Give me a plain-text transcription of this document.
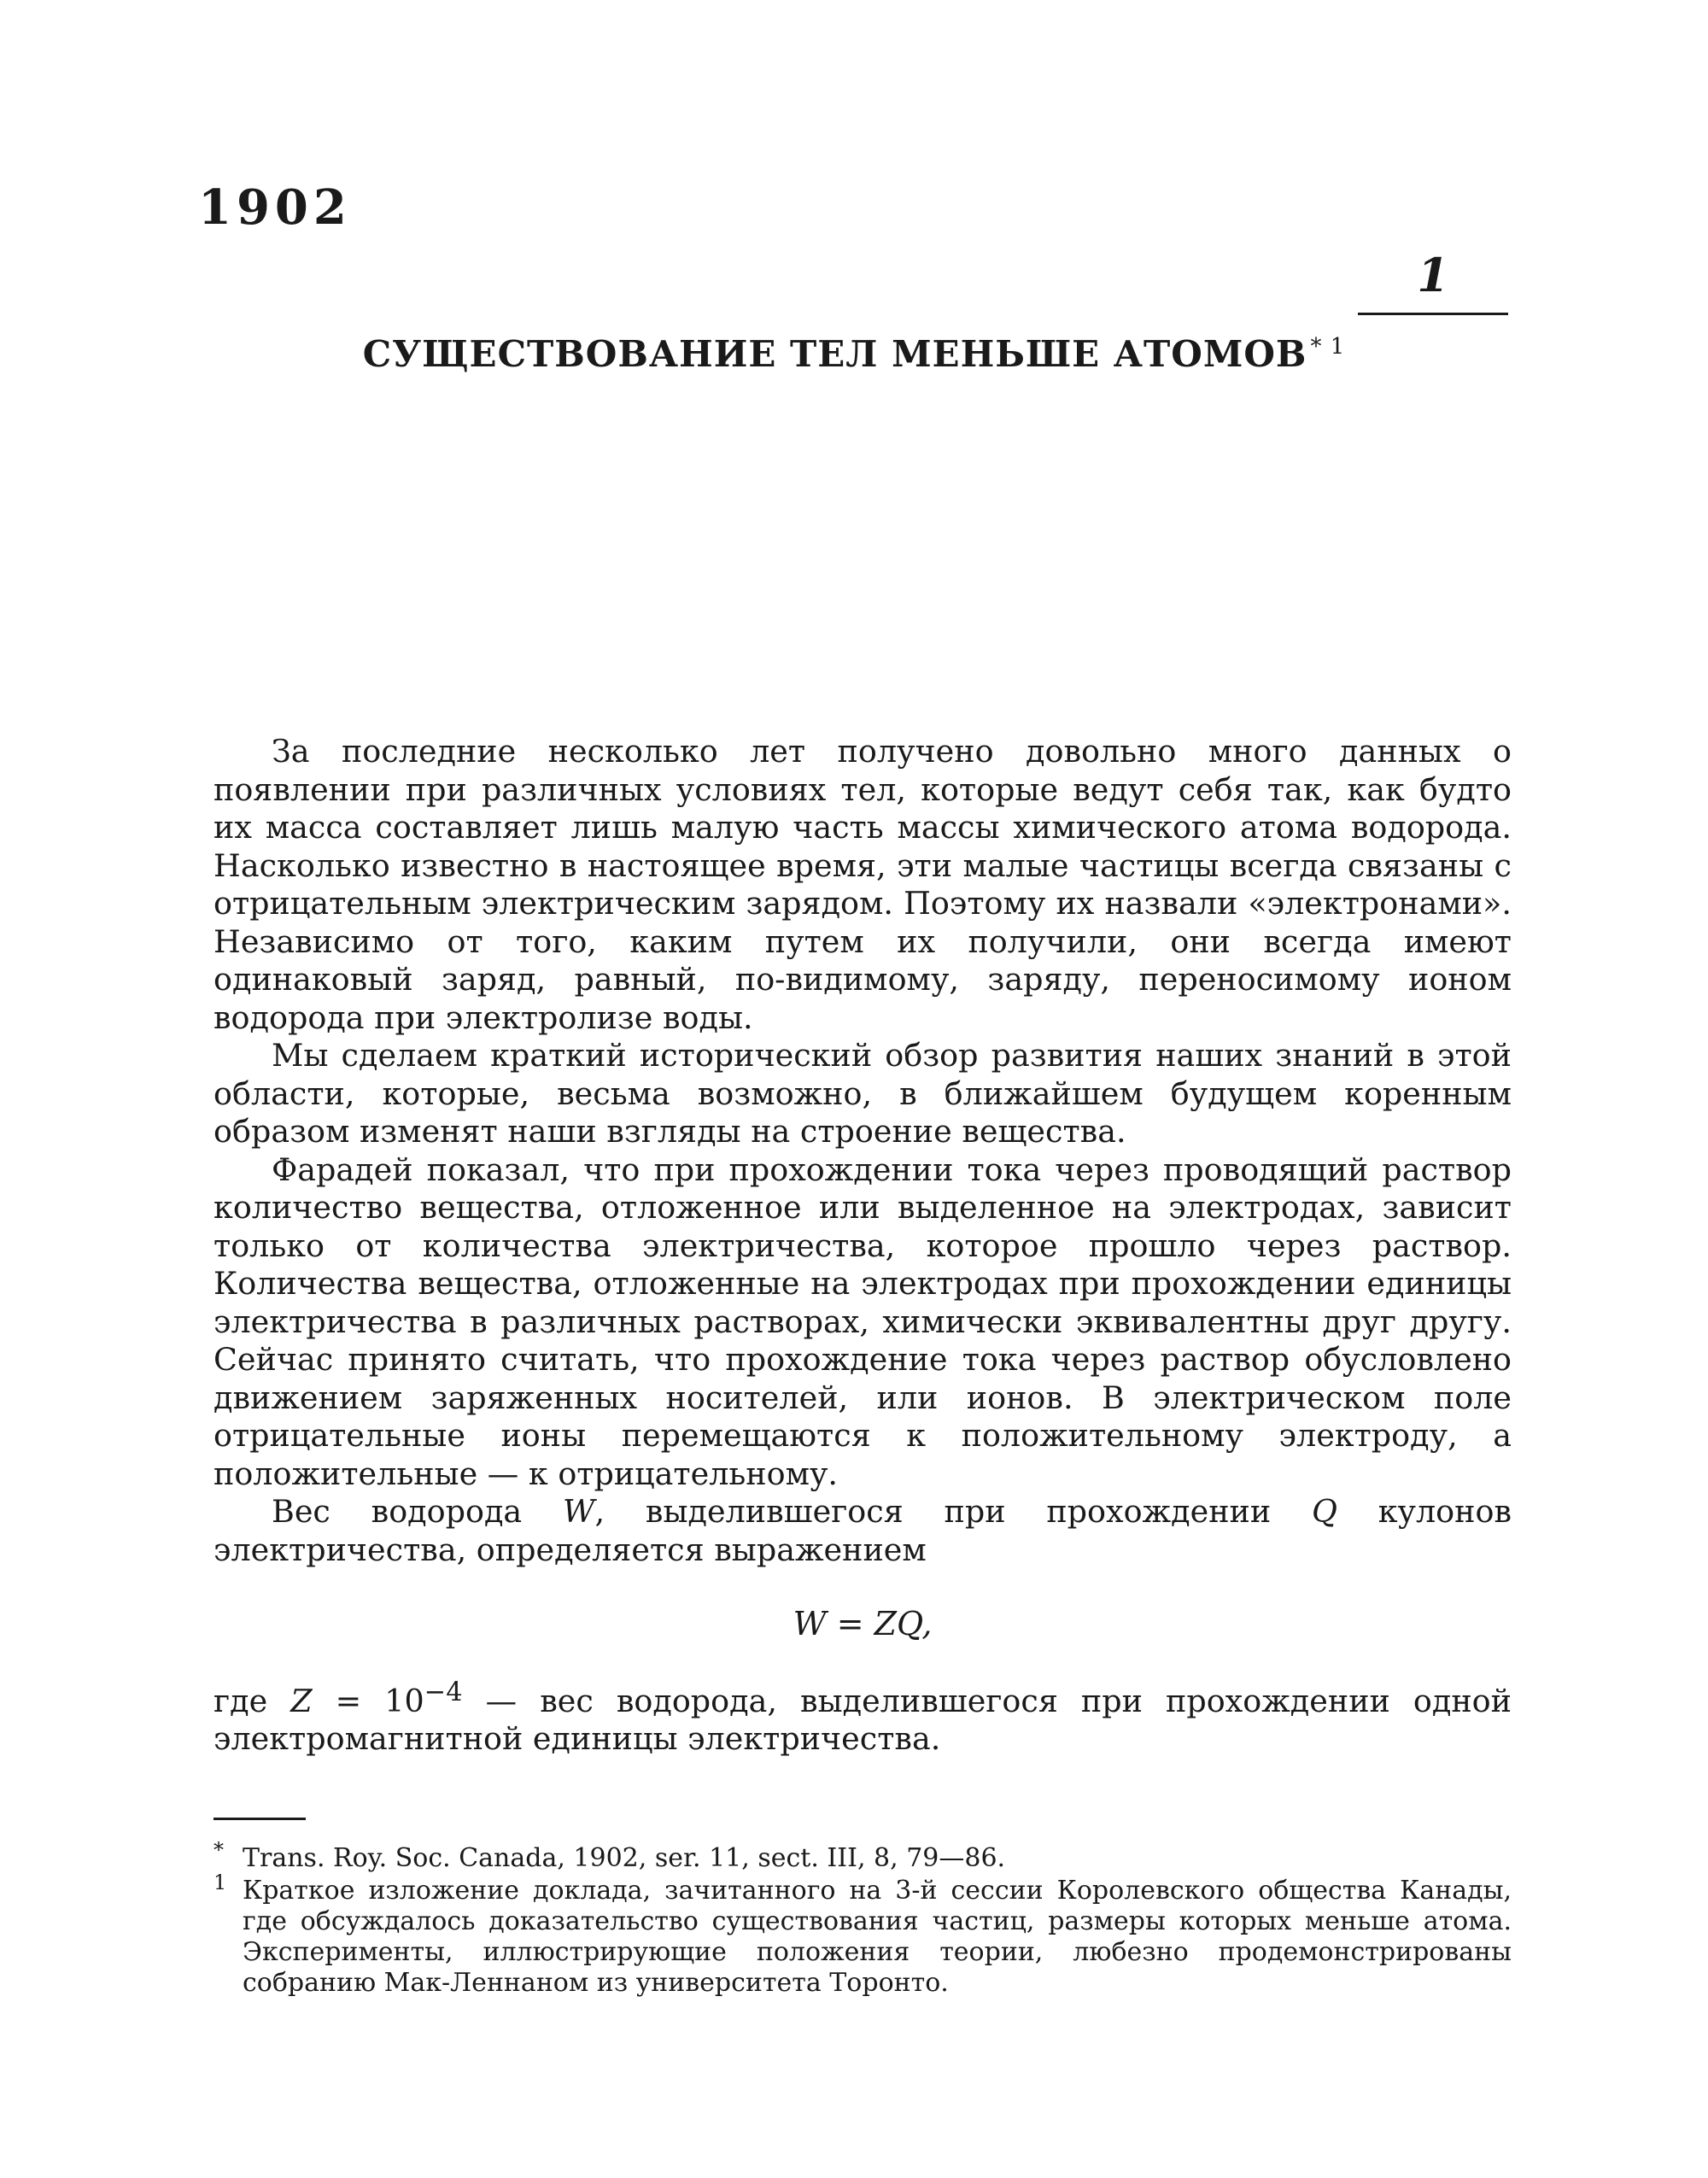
1902
1
СУЩЕСТВОВАНИЕ ТЕЛ МЕНЬШЕ АТОМОВ $^{* 1}$

За последние несколько лет получено довольно много данных о появлении при различных условиях тел, которые ведут себя так, как будто их масса составляет лишь малую часть массы химического атома водорода. Насколько известно в настоящее время, эти малые частицы всегда связаны с отрицательным электрическим зарядом. Поэтому их назвали «электронами». Независимо от того, каким путем их получили, они всегда имеют одинаковый заряд, равный, по-видимому, заряду, переносимому ионом водорода при электролизе воды.

Мы сделаем краткий исторический обзор развития наших знаний в этой области, которые, весьма возможно, в ближайшем будущем коренным образом изменят наши взгляды на строение вещества.

Фарадей показал, что при прохождении тока через проводящий раствор количество вещества, отложенное или выделенное на электродах, зависит только от количества электричества, которое прошло через раствор. Количества вещества, отложенные на электродах при прохождении единицы электричества в различных растворах, химически эквивалентны друг другу. Сейчас принято считать, что прохождение тока через раствор обусловлено движением заряженных носителей, или ионов. В электрическом поле отрицательные ионы перемещаются к положительному электроду, а положительные — к отрицательному.

Вес водорода W, выделившегося при прохождении Q кулонов электричества, определяется выражением

W = ZQ,

где $Z = 10^{-4}$ — вес водорода, выделившегося при прохождении одной электромагнитной единицы электричества.

* Trans. Roy. Soc. Canada, 1902, ser. 11, sect. III, 8, 79—86.

1 Краткое изложение доклада, зачитанного на 3-й сессии Королевского общества Канады, где обсуждалось доказательство существования частиц, размеры которых меньше атома. Эксперименты, иллюстрирующие положения теории, любезно продемонстрированы собранию Мак-Леннаном из университета Торонто.
